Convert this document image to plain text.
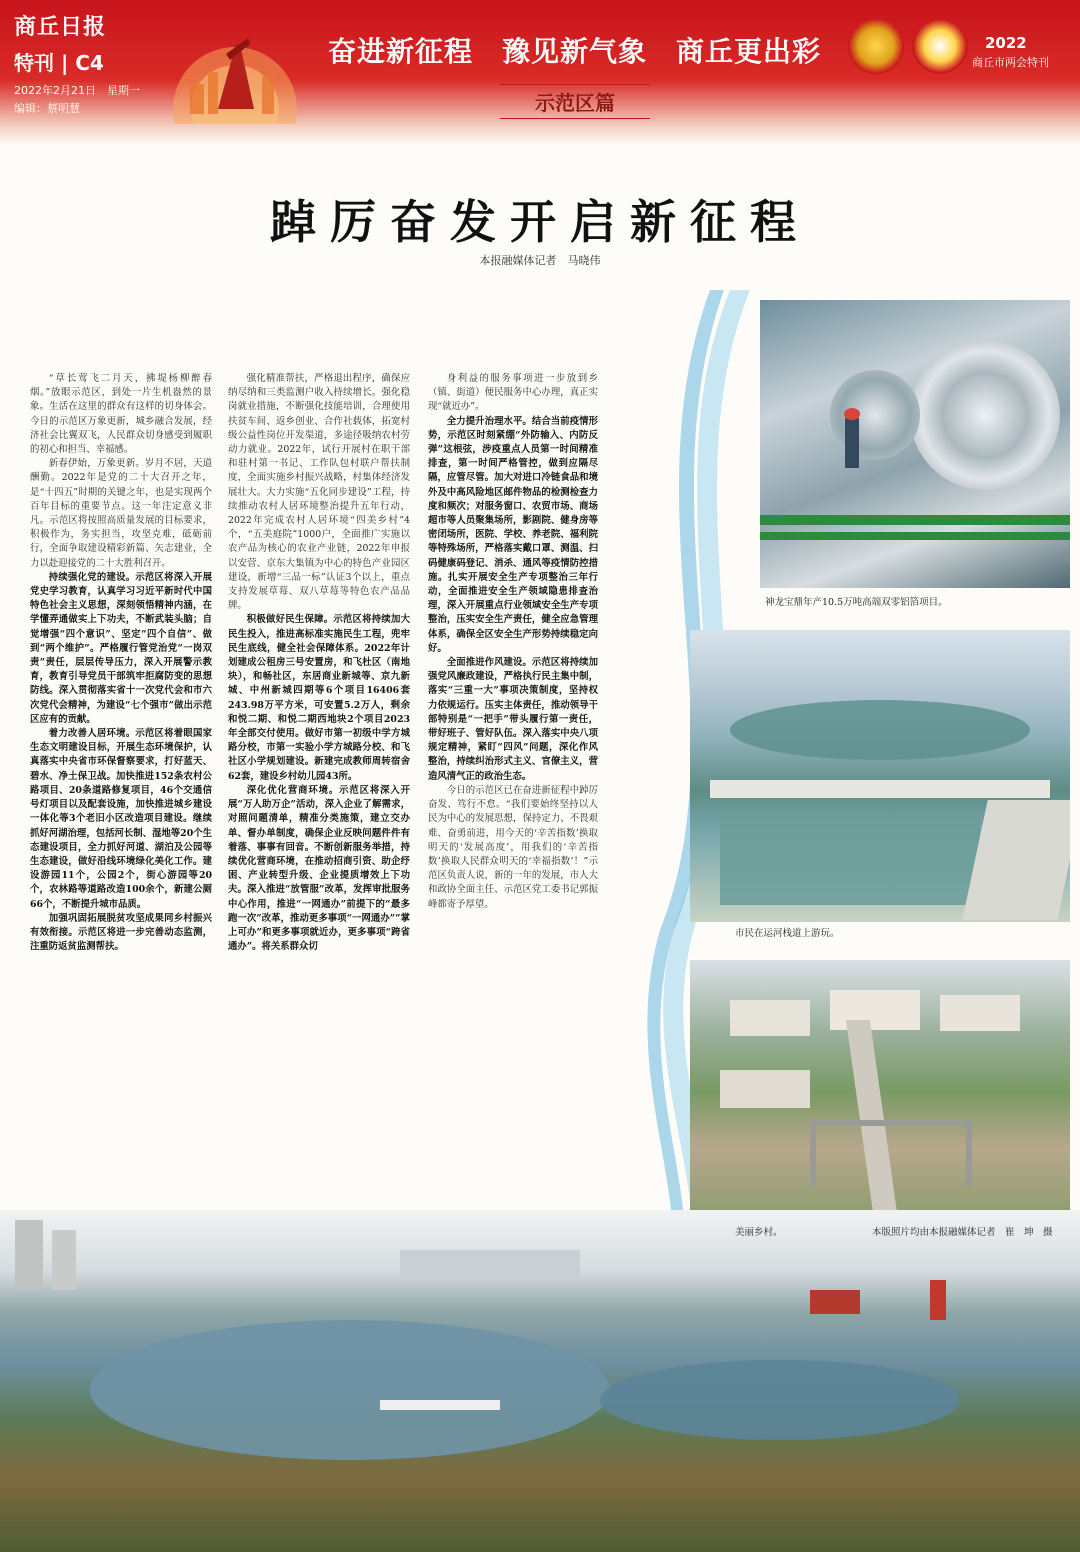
商丘日报
特刊 | C4
2022年2月21日　星期一
编辑：蔡明慧
奋进新征程　豫见新气象　商丘更出彩
示范区篇
2022
商丘市两会特刊
踔厉奋发开启新征程
本报融媒体记者　马晓伟

“草长莺飞二月天，拂堤杨柳醉春烟。”放眼示范区，到处一片生机盎然的景象。生活在这里的群众有这样的切身体会。今日的示范区万象更新，城乡融合发展，经济社会比翼双飞，人民群众切身感受到履职的初心和担当、幸福感。

新春伊始，万象更新。岁月不居，天道酬勤。2022年是党的二十大召开之年，是“十四五”时期的关键之年，也是实现两个百年目标的重要节点。这一年注定意义非凡。示范区将按照高质量发展的目标要求，积极作为，务实担当，攻坚克难，砥砺前行，全面争取建设精彩新篇、矢志建业，全力以赴迎接党的二十大胜利召开。

持续强化党的建设。示范区将深入开展党史学习教育，认真学习习近平新时代中国特色社会主义思想，深刻领悟精神内涵，在学懂弄通做实上下功夫，不断武装头脑；自觉增强“四个意识”、坚定“四个自信”、做到“两个维护”。严格履行管党治党“一岗双责”责任，层层传导压力，深入开展警示教育，教育引导党员干部筑牢拒腐防变的思想防线。深入贯彻落实省十一次党代会和市六次党代会精神，为建设“七个强市”做出示范区应有的贡献。

着力改善人居环境。示范区将着眼国家生态文明建设目标，开展生态环境保护，认真落实中央省市环保督察要求，打好蓝天、碧水、净土保卫战。加快推进152条农村公路项目、20条道路修复项目，46个交通信号灯项目以及配套设施，加快推进城乡建设一体化等3个老旧小区改造项目建设。继续抓好河湖治理，包括河长制、湿地等20个生态建设项目，全力抓好河道、湖泊及公园等生态建设，做好沿线环境绿化美化工作。建设游园11个，公园2个，街心游园等20个，农林路等道路改造100余个，新建公厕66个，不断提升城市品质。

加强巩固拓展脱贫攻坚成果同乡村振兴有效衔接。示范区将进一步完善动态监测，注重防返贫监测帮扶。

强化精准帮扶，严格退出程序，确保应纳尽纳和三类监测户收入持续增长。强化稳岗就业措施，不断强化技能培训，合理使用扶贫车间、返乡创业、合作社载体，拓宽村级公益性岗位开发渠道，多途径吸纳农村劳动力就业。2022年，试行开展村在职干部和驻村第一书记、工作队包村联户帮扶制度，全面实施乡村振兴战略，村集体经济发展壮大。大力实施“五化同步建设”工程，持续推动农村人居环境整治提升五年行动，2022年完成农村人居环境“四美乡村”4个，“五美庭院”1000户，全面推广实施以农产品为核心的农业产业链，2022年申报以安营、京东大集镇为中心的特色产业园区建设，新增“三品一标”认证3个以上，重点支持发展草莓、双八草莓等特色农产品品牌。

积极做好民生保障。示范区将持续加大民生投入，推进高标准实施民生工程，兜牢民生底线，健全社会保障体系。2022年计划建成公租房三号安置房，和飞杜区（南地块），和畅社区，东居商业新城等、京九新城、中州新城四期等6个项目16406套243.98万平方米，可安置5.2万人，剩余和悦二期、和悦二期西地块2个项目2023年全部交付使用。做好市第一初级中学方城路分校，市第一实验小学方城路分校、和飞社区小学规划建设。新建完成教师周转宿舍62套，建设乡村幼儿园43所。

深化优化营商环境。示范区将深入开展“万人助万企”活动，深入企业了解需求，对照问题清单，精准分类施策，建立交办单、督办单制度，确保企业反映问题件件有着落、事事有回音。不断创新服务举措，持续优化营商环境，在推动招商引资、助企纾困、产业转型升级、企业提质增效上下功夫。深入推进“放管服”改革，发挥审批服务中心作用，推进“一网通办”前提下的“最多跑一次”改革，推动更多事项“一网通办”“掌上可办”和更多事项就近办，更多事项“跨省通办”。将关系群众切

身利益的服务事项进一步放到乡（镇、街道）便民服务中心办理，真正实现“就近办”。

全力提升治理水平。结合当前疫情形势，示范区时刻紧绷“外防输入、内防反弹”这根弦，涉疫重点人员第一时间精准排查，第一时间严格管控，做到应隔尽隔，应管尽管。加大对进口冷链食品和境外及中高风险地区邮件物品的检测检查力度和频次；对服务窗口、农贸市场、商场超市等人员聚集场所，影剧院、健身房等密闭场所，医院、学校、养老院、福利院等特殊场所，严格落实戴口罩、测温、扫码健康码登记、消杀、通风等疫情防控措施。扎实开展安全生产专项整治三年行动，全面推进安全生产领域隐患排查治理，深入开展重点行业领域安全生产专项整治，压实安全生产责任，健全应急管理体系，确保全区安全生产形势持续稳定向好。

全面推进作风建设。示范区将持续加强党风廉政建设，严格执行民主集中制，落实“三重一大”事项决策制度，坚持权力依规运行。压实主体责任，推动领导干部特别是“一把手”带头履行第一责任，带好班子、管好队伍。深入落实中央八项规定精神，紧盯“四风”问题，深化作风整治，持续纠治形式主义、官僚主义，营造风清气正的政治生态。

今日的示范区已在奋进新征程中踔厉奋发、笃行不怠。“我们要始终坚持以人民为中心的发展思想，保持定力、不畏艰难、奋勇前进，用今天的‘辛苦指数’换取明天的‘发展高度’，用我们的‘辛苦指数’换取人民群众明天的‘幸福指数’！”示范区负责人说，新的一年的发展，市人大和政协全面主任、示范区党工委书记郭振峰都寄予厚望。

神龙宝鼎年产10.5万吨高端双零铝箔项目。
市民在运河栈道上游玩。
美丽乡村。	本版照片均由本报融媒体记者　崔　坤　摄
